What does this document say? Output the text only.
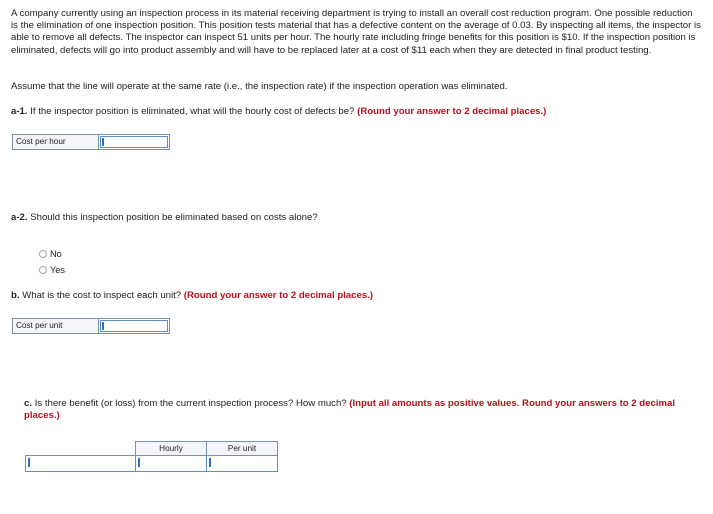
A company currently using an inspection process in its material receiving department is trying to install an overall cost reduction program. One possible reduction is the elimination of one inspection position. This position tests material that has a defective content on the average of 0.03. By inspecting all items, the inspector is able to remove all defects. The inspector can inspect 51 units per hour. The hourly rate including fringe benefits for this position is $10. If the inspection position is eliminated, defects will go into product assembly and will have to be replaced later at a cost of $11 each when they are detected in final product testing.
Assume that the line will operate at the same rate (i.e., the inspection rate) if the inspection operation was eliminated.
a-1. If the inspector position is eliminated, what will the hourly cost of defects be? (Round your answer to 2 decimal places.)
Cost per hour
a-2. Should this inspection position be eliminated based on costs alone?
No
Yes
b. What is the cost to inspect each unit? (Round your answer to 2 decimal places.)
Cost per unit
c. Is there benefit (or loss) from the current inspection process? How much? (Input all amounts as positive values. Round your answers to 2 decimal places.)
	Hourly	Per unit
